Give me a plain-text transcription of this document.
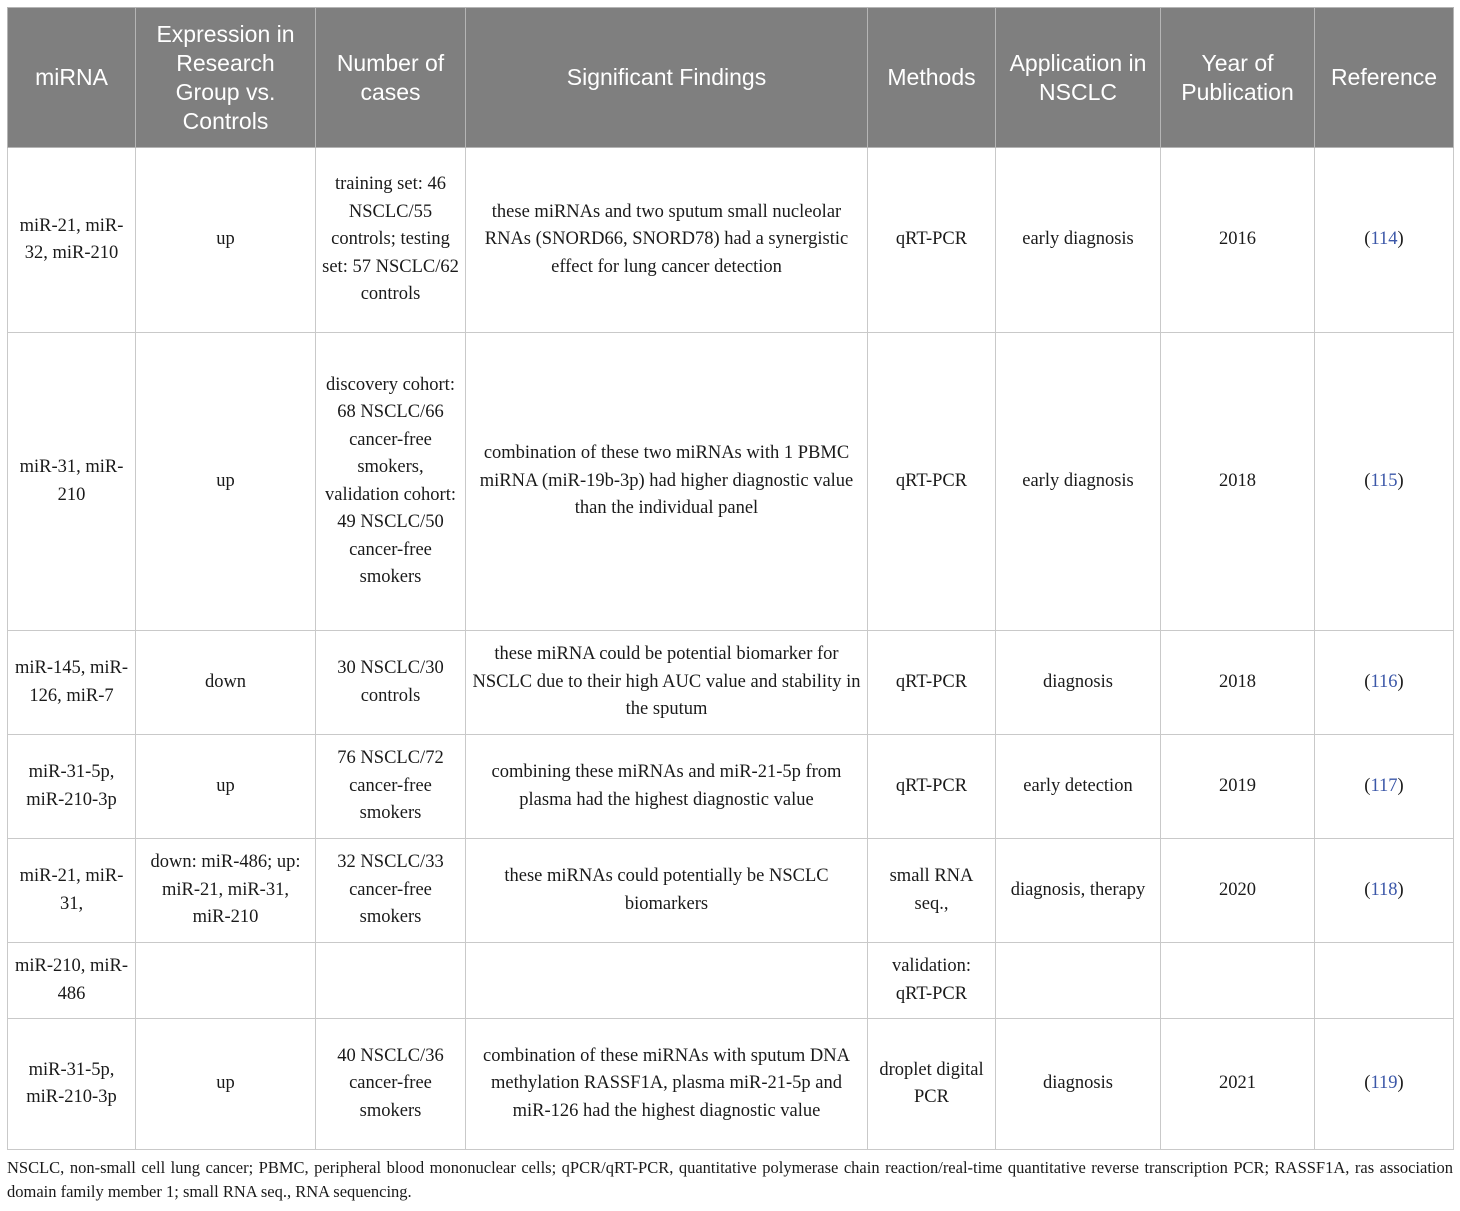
miRNA	Expression in Research Group vs. Controls	Number of cases	Significant Findings	Methods	Application in NSCLC	Year of Publication	Reference
miR-21, miR-32, miR-210	up	training set: 46 NSCLC/55 controls; testing set: 57 NSCLC/62 controls	these miRNAs and two sputum small nucleolar RNAs (SNORD66, SNORD78) had a synergistic effect for lung cancer detection	qRT-PCR	early diagnosis	2016	(114)
miR-31, miR-210	up	discovery cohort: 68 NSCLC/66 cancer-free smokers, validation cohort: 49 NSCLC/50 cancer-free smokers	combination of these two miRNAs with 1 PBMC miRNA (miR-19b-3p) had higher diagnostic value than the individual panel	qRT-PCR	early diagnosis	2018	(115)
miR-145, miR-126, miR-7	down	30 NSCLC/30 controls	these miRNA could be potential biomarker for NSCLC due to their high AUC value and stability in the sputum	qRT-PCR	diagnosis	2018	(116)
miR-31-5p, miR-210-3p	up	76 NSCLC/72 cancer-free smokers	combining these miRNAs and miR-21-5p from plasma had the highest diagnostic value	qRT-PCR	early detection	2019	(117)
miR-21, miR-31,	down: miR-486; up: miR-21, miR-31, miR-210	32 NSCLC/33 cancer-free smokers	these miRNAs could potentially be NSCLC biomarkers	small RNA seq.,	diagnosis, therapy	2020	(118)
miR-210, miR-486				validation: qRT-PCR			
miR-31-5p, miR-210-3p	up	40 NSCLC/36 cancer-free smokers	combination of these miRNAs with sputum DNA methylation RASSF1A, plasma miR-21-5p and miR-126 had the highest diagnostic value	droplet digital PCR	diagnosis	2021	(119)
NSCLC, non-small cell lung cancer; PBMC, peripheral blood mononuclear cells; qPCR/qRT-PCR, quantitative polymerase chain reaction/real-time quantitative reverse transcription PCR; RASSF1A, ras association domain family member 1; small RNA seq., RNA sequencing.
